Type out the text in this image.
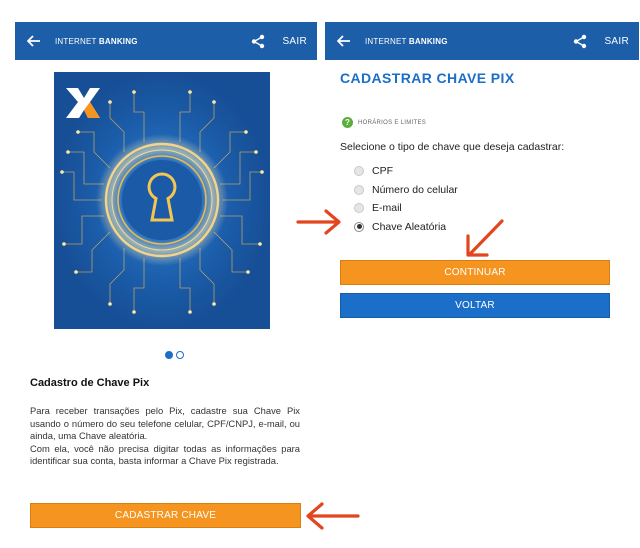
INTERNET BANKING	SAIR
Cadastro de Chave Pix

Para receber transações pelo Pix, cadastre sua Chave Pix usando o número do seu telefone celular, CPF/CNPJ, e-mail, ou ainda, uma Chave aleatória.

Com ela, você não precisa digitar todas as informações para identificar sua conta, basta informar a Chave Pix registrada.

CADASTRAR CHAVE
INTERNET BANKING	SAIR
CADASTRAR CHAVE PIX
?	HORÁRIOS E LIMITES
Selecione o tipo de chave que deseja cadastrar:
CPF
Número do celular
E-mail
Chave Aleatória
CONTINUAR
VOLTAR
